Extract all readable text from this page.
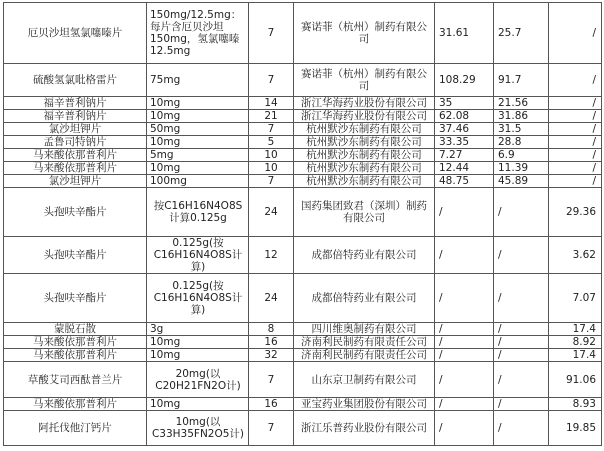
厄贝沙坦氢氯噻嗪片	150mg/12.5mg：每片含厄贝沙坦150mg，氢氯噻嗪12.5mg	7	赛诺菲（杭州）制药有限公司	31.61	25.7	/
硫酸氢氯吡格雷片	75mg	7	赛诺菲（杭州）制药有限公司	108.29	91.7	/
福辛普利钠片	10mg	14	浙江华海药业股份有限公司	35	21.56	/
福辛普利钠片	10mg	21	浙江华海药业股份有限公司	62.08	31.86	/
氯沙坦钾片	50mg	7	杭州默沙东制药有限公司	37.46	31.5	/
孟鲁司特钠片	10mg	5	杭州默沙东制药有限公司	33.35	28.8	/
马来酸依那普利片	5mg	10	杭州默沙东制药有限公司	7.27	6.9	/
马来酸依那普利片	10mg	10	杭州默沙东制药有限公司	12.44	11.39	/
氯沙坦钾片	100mg	7	杭州默沙东制药有限公司	48.75	45.89	/
头孢呋辛酯片	按C16H16N4O8S计算0.125g	24	国药集团致君（深圳）制药有限公司	/	/	29.36
头孢呋辛酯片	0.125g(按C16H16N4O8S计算)	12	成都倍特药业有限公司	/	/	3.62
头孢呋辛酯片	0.125g(按C16H16N4O8S计算)	24	成都倍特药业有限公司	/	/	7.07
蒙脱石散	3g	8	四川维奥制药有限公司	/	/	17.4
马来酸依那普利片	10mg	16	济南利民制药有限责任公司	/	/	8.92
马来酸依那普利片	10mg	32	济南利民制药有限责任公司	/	/	17.4
草酸艾司西酞普兰片	20mg(以C20H21FN2O计)	7	山东京卫制药有限公司	/	/	91.06
马来酸依那普利片	10mg	16	亚宝药业集团股份有限公司	/	/	8.93
阿托伐他汀钙片	10mg(以C33H35FN2O5计)	7	浙江乐普药业股份有限公司	/	/	19.85
